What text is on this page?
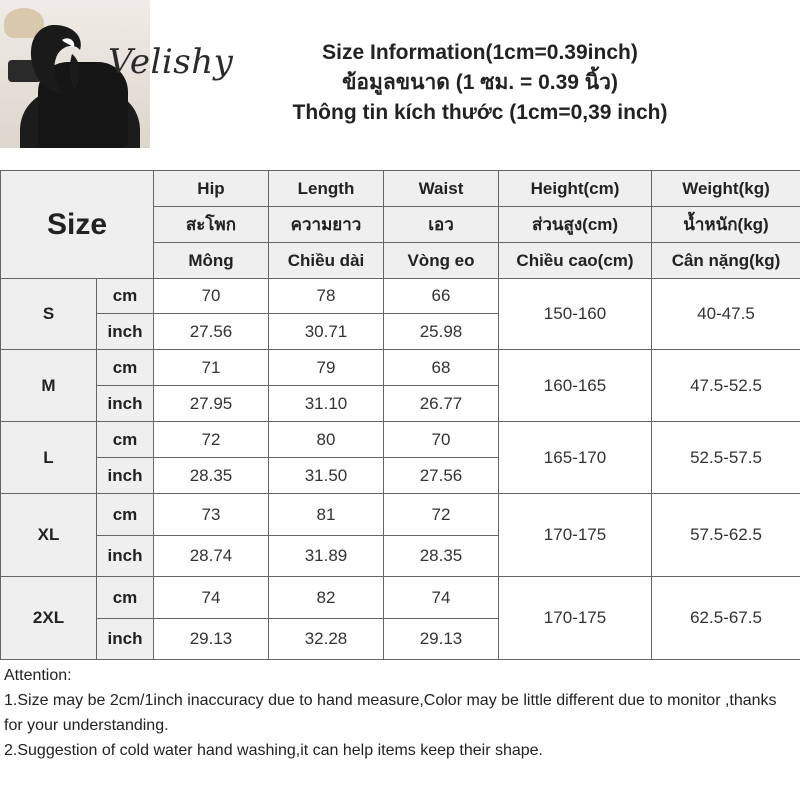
Velishy	Size Information(1cm=0.39inch)
ข้อมูลขนาด (1 ซม. = 0.39 นิ้ว)
Thông tin kích thước (1cm=0,39 inch)
Size		Hip	Length	Waist	Height(cm)	Weight(kg)
		สะโพก	ความยาว	เอว	ส่วนสูง(cm)	น้ำหนัก(kg)
		Mông	Chiều dài	Vòng eo	Chiều cao(cm)	Cân nặng(kg)
S	cm	70	78	66	150-160	40-47.5
	inch	27.56	30.71	25.98		
M	cm	71	79	68	160-165	47.5-52.5
	inch	27.95	31.10	26.77		
L	cm	72	80	70	165-170	52.5-57.5
	inch	28.35	31.50	27.56		
XL	cm	73	81	72	170-175	57.5-62.5
	inch	28.74	31.89	28.35		
2XL	cm	74	82	74	170-175	62.5-67.5
	inch	29.13	32.28	29.13		
Attention:
1.Size may be 2cm/1inch inaccuracy due to hand measure,Color may be little different due to monitor ,thanks for your understanding.
2.Suggestion of cold water hand washing,it can help items keep their shape.
